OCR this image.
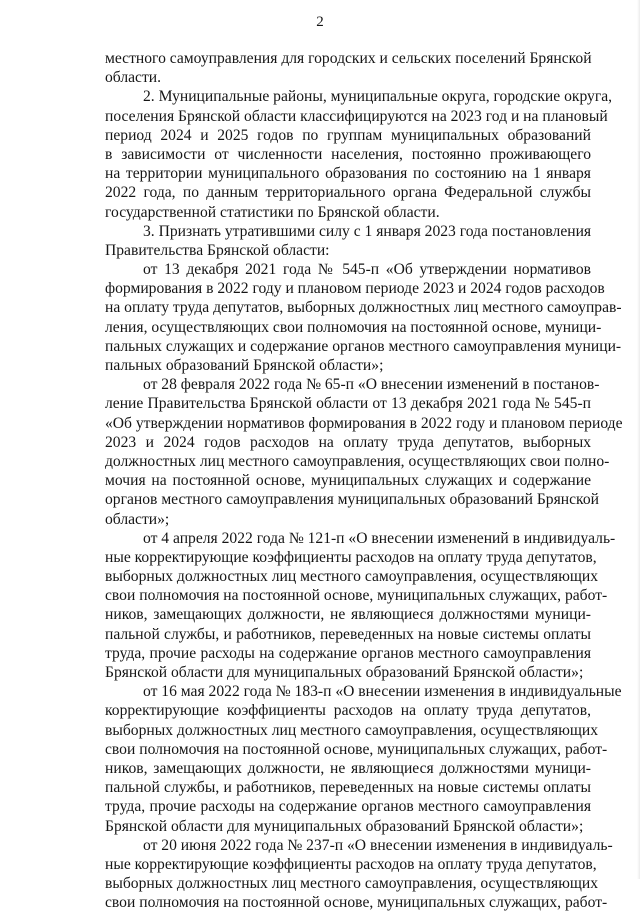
2
местного самоуправления для городских и сельских поселений Брянской
области.
2. Муниципальные районы, муниципальные округа, городские округа,
поселения Брянской области классифицируются на 2023 год и на плановый
период 2024 и 2025 годов по группам муниципальных образований
в зависимости от численности населения, постоянно проживающего
на территории муниципального образования по состоянию на 1 января
2022 года, по данным территориального органа Федеральной службы
государственной статистики по Брянской области.
3. Признать утратившими силу с 1 января 2023 года постановления
Правительства Брянской области:
от 13 декабря 2021 года № 545-п «Об утверждении нормативов
формирования в 2022 году и плановом периоде 2023 и 2024 годов расходов
на оплату труда депутатов, выборных должностных лиц местного самоуправ-
ления, осуществляющих свои полномочия на постоянной основе, муници-
пальных служащих и содержание органов местного самоуправления муници-
пальных образований Брянской области»;
от 28 февраля 2022 года № 65-п «О внесении изменений в постанов-
ление Правительства Брянской области от 13 декабря 2021 года № 545-п
«Об утверждении нормативов формирования в 2022 году и плановом периоде
2023 и 2024 годов расходов на оплату труда депутатов, выборных
должностных лиц местного самоуправления, осуществляющих свои полно-
мочия на постоянной основе, муниципальных служащих и содержание
органов местного самоуправления муниципальных образований Брянской
области»;
от 4 апреля 2022 года № 121-п «О внесении изменений в индивидуаль-
ные корректирующие коэффициенты расходов на оплату труда депутатов,
выборных должностных лиц местного самоуправления, осуществляющих
свои полномочия на постоянной основе, муниципальных служащих, работ-
ников, замещающих должности, не являющиеся должностями муници-
пальной службы, и работников, переведенных на новые системы оплаты
труда, прочие расходы на содержание органов местного самоуправления
Брянской области для муниципальных образований Брянской области»;
от 16 мая 2022 года № 183-п «О внесении изменения в индивидуальные
корректирующие коэффициенты расходов на оплату труда депутатов,
выборных должностных лиц местного самоуправления, осуществляющих
свои полномочия на постоянной основе, муниципальных служащих, работ-
ников, замещающих должности, не являющиеся должностями муници-
пальной службы, и работников, переведенных на новые системы оплаты
труда, прочие расходы на содержание органов местного самоуправления
Брянской области для муниципальных образований Брянской области»;
от 20 июня 2022 года № 237-п «О внесении изменения в индивидуаль-
ные корректирующие коэффициенты расходов на оплату труда депутатов,
выборных должностных лиц местного самоуправления, осуществляющих
свои полномочия на постоянной основе, муниципальных служащих, работ-
